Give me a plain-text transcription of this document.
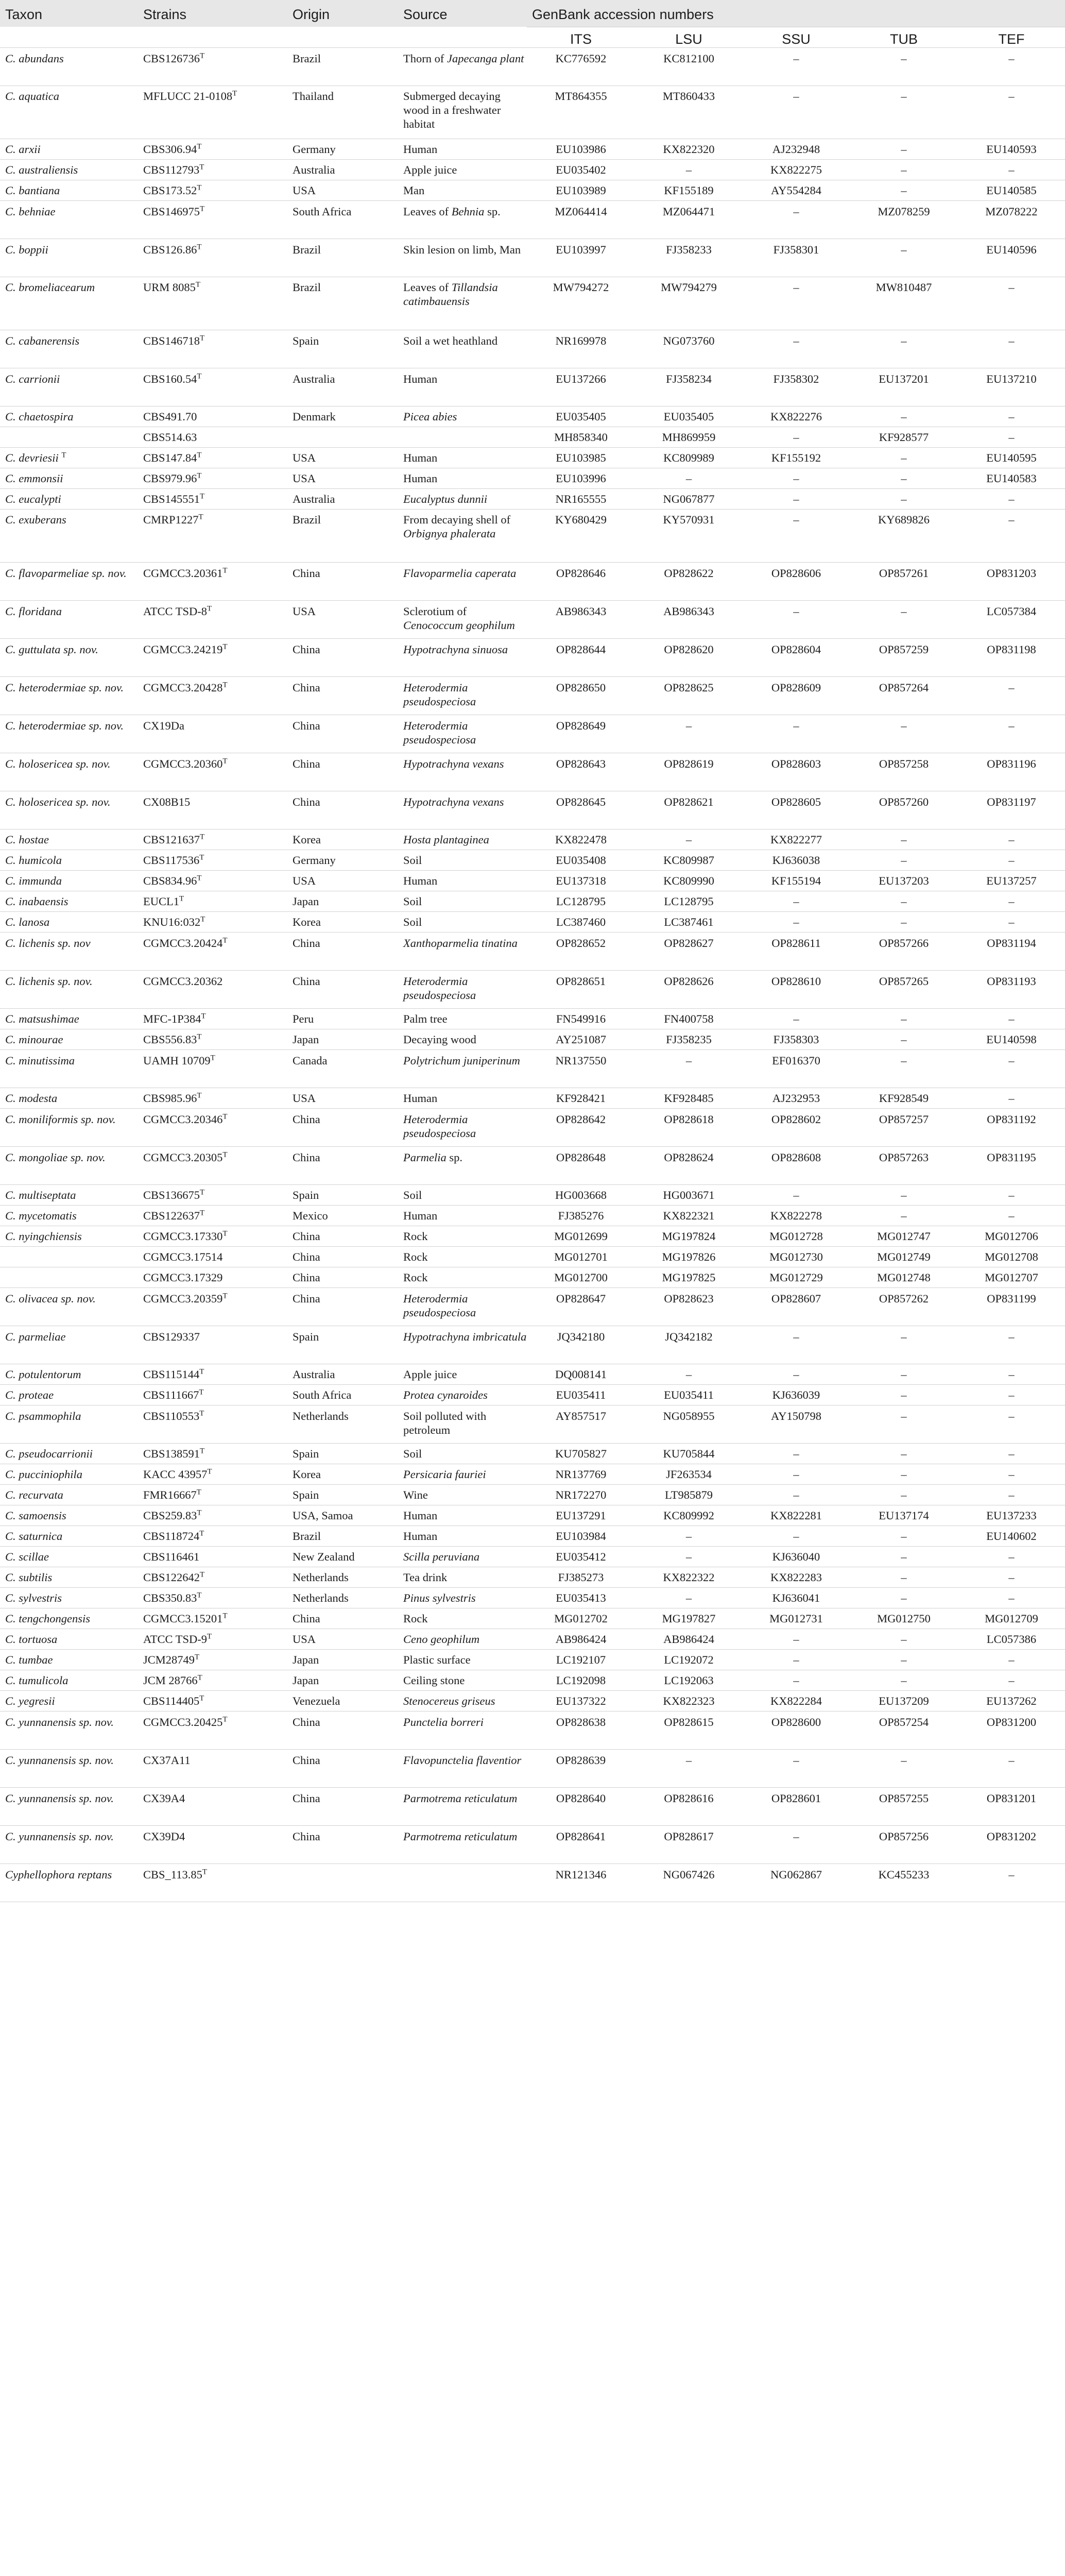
Taxon	Strains	Origin	Source	GenBank accession numbers				
				ITS	LSU	SSU	TUB	TEF
C. abundans	$CBS126736^T$	Brazil	Thorn of Japecanga plant	KC776592	KC812100	–	–	–
C. aquatica	MFLUCC $21-0108^T$	Thailand	Submerged decaying wood in a freshwater habitat	MT864355	MT860433	–	–	–
C. arxii	$CBS306.94^T$	Germany	Human	EU103986	KX822320	AJ232948	–	EU140593
C. australiensis	$CBS112793^T$	Australia	Apple juice	EU035402	–	KX822275	–	–
C. bantiana	$CBS173.52^T$	USA	Man	EU103989	KF155189	AY554284	–	EU140585
C. behniae	$CBS146975^T$	South Africa	Leaves of Behnia sp.	MZ064414	MZ064471	–	MZ078259	MZ078222
C. boppii	$CBS126.86^T$	Brazil	Skin lesion on limb, Man	EU103997	FJ358233	FJ358301	–	EU140596
C. bromeliacearum	URM $8085^T$	Brazil	Leaves of Tillandsia catimbauensis	MW794272	MW794279	–	MW810487	–
C. cabanerensis	$CBS146718^T$	Spain	Soil a wet heathland	NR169978	NG073760	–	–	–
C. carrionii	$CBS160.54^T$	Australia	Human	EU137266	FJ358234	FJ358302	EU137201	EU137210
C. chaetospira	CBS491.70	Denmark	Picea abies	EU035405	EU035405	KX822276	–	–
	CBS514.63			MH858340	MH869959	–	KF928577	–
C. devriesii $^T$	$CBS147.84^T$	USA	Human	EU103985	KC809989	KF155192	–	EU140595
C. emmonsii	$CBS979.96^T$	USA	Human	EU103996	–	–	–	EU140583
C. eucalypti	$CBS145551^T$	Australia	Eucalyptus dunnii	NR165555	NG067877	–	–	–
C. exuberans	$CMRP1227^T$	Brazil	From decaying shell of Orbignya phalerata	KY680429	KY570931	–	KY689826	–
C. flavoparmeliae sp. nov.	$CGMCC3.20361^T$	China	Flavoparmelia caperata	OP828646	OP828622	OP828606	OP857261	OP831203
C. floridana	ATCC TSD-$8^T$	USA	Sclerotium of Cenococcum geophilum	AB986343	AB986343	–	–	LC057384
C. guttulata sp. nov.	$CGMCC3.24219^T$	China	Hypotrachyna sinuosa	OP828644	OP828620	OP828604	OP857259	OP831198
C. heterodermiae sp. nov.	$CGMCC3.20428^T$	China	Heterodermia pseudospeciosa	OP828650	OP828625	OP828609	OP857264	–
C. heterodermiae sp. nov.	CX19Da	China	Heterodermia pseudospeciosa	OP828649	–	–	–	–
C. holosericea sp. nov.	$CGMCC3.20360^T$	China	Hypotrachyna vexans	OP828643	OP828619	OP828603	OP857258	OP831196
C. holosericea sp. nov.	CX08B15	China	Hypotrachyna vexans	OP828645	OP828621	OP828605	OP857260	OP831197
C. hostae	$CBS121637^T$	Korea	Hosta plantaginea	KX822478	–	KX822277	–	–
C. humicola	$CBS117536^T$	Germany	Soil	EU035408	KC809987	KJ636038	–	–
C. immunda	$CBS834.96^T$	USA	Human	EU137318	KC809990	KF155194	EU137203	EU137257
C. inabaensis	$EUCL1^T$	Japan	Soil	LC128795	LC128795	–	–	–
C. lanosa	$KNU16:032^T$	Korea	Soil	LC387460	LC387461	–	–	–
C. lichenis sp. nov	$CGMCC3.20424^T$	China	Xanthoparmelia tinatina	OP828652	OP828627	OP828611	OP857266	OP831194
C. lichenis sp. nov.	CGMCC3.20362	China	Heterodermia pseudospeciosa	OP828651	OP828626	OP828610	OP857265	OP831193
C. matsushimae	MFC-$1P384^T$	Peru	Palm tree	FN549916	FN400758	–	–	–
C. minourae	$CBS556.83^T$	Japan	Decaying wood	AY251087	FJ358235	FJ358303	–	EU140598
C. minutissima	UAMH $10709^T$	Canada	Polytrichum juniperinum	NR137550	–	EF016370	–	–
C. modesta	$CBS985.96^T$	USA	Human	KF928421	KF928485	AJ232953	KF928549	–
C. moniliformis sp. nov.	$CGMCC3.20346^T$	China	Heterodermia pseudospeciosa	OP828642	OP828618	OP828602	OP857257	OP831192
C. mongoliae sp. nov.	$CGMCC3.20305^T$	China	Parmelia sp.	OP828648	OP828624	OP828608	OP857263	OP831195
C. multiseptata	$CBS136675^T$	Spain	Soil	HG003668	HG003671	–	–	–
C. mycetomatis	$CBS122637^T$	Mexico	Human	FJ385276	KX822321	KX822278	–	–
C. nyingchiensis	$CGMCC3.17330^T$	China	Rock	MG012699	MG197824	MG012728	MG012747	MG012706
	CGMCC3.17514	China	Rock	MG012701	MG197826	MG012730	MG012749	MG012708
	CGMCC3.17329	China	Rock	MG012700	MG197825	MG012729	MG012748	MG012707
C. olivacea sp. nov.	$CGMCC3.20359^T$	China	Heterodermia pseudospeciosa	OP828647	OP828623	OP828607	OP857262	OP831199
C. parmeliae	CBS129337	Spain	Hypotrachyna imbricatula	JQ342180	JQ342182	–	–	–
C. potulentorum	$CBS115144^T$	Australia	Apple juice	DQ008141	–	–	–	–
C. proteae	$CBS111667^T$	South Africa	Protea cynaroides	EU035411	EU035411	KJ636039	–	–
C. psammophila	$CBS110553^T$	Netherlands	Soil polluted with petroleum	AY857517	NG058955	AY150798	–	–
C. pseudocarrionii	$CBS138591^T$	Spain	Soil	KU705827	KU705844	–	–	–
C. pucciniophila	KACC $43957^T$	Korea	Persicaria fauriei	NR137769	JF263534	–	–	–
C. recurvata	$FMR16667^T$	Spain	Wine	NR172270	LT985879	–	–	–
C. samoensis	$CBS259.83^T$	USA, Samoa	Human	EU137291	KC809992	KX822281	EU137174	EU137233
C. saturnica	$CBS118724^T$	Brazil	Human	EU103984	–	–	–	EU140602
C. scillae	CBS116461	New Zealand	Scilla peruviana	EU035412	–	KJ636040	–	–
C. subtilis	$CBS122642^T$	Netherlands	Tea drink	FJ385273	KX822322	KX822283	–	–
C. sylvestris	$CBS350.83^T$	Netherlands	Pinus sylvestris	EU035413	–	KJ636041	–	–
C. tengchongensis	$CGMCC3.15201^T$	China	Rock	MG012702	MG197827	MG012731	MG012750	MG012709
C. tortuosa	ATCC TSD-$9^T$	USA	Ceno geophilum	AB986424	AB986424	–	–	LC057386
C. tumbae	$JCM28749^T$	Japan	Plastic surface	LC192107	LC192072	–	–	–
C. tumulicola	JCM $28766^T$	Japan	Ceiling stone	LC192098	LC192063	–	–	–
C. yegresii	$CBS114405^T$	Venezuela	Stenocereus griseus	EU137322	KX822323	KX822284	EU137209	EU137262
C. yunnanensis sp. nov.	$CGMCC3.20425^T$	China	Punctelia borreri	OP828638	OP828615	OP828600	OP857254	OP831200
C. yunnanensis sp. nov.	CX37A11	China	Flavopunctelia flaventior	OP828639	–	–	–	–
C. yunnanensis sp. nov.	CX39A4	China	Parmotrema reticulatum	OP828640	OP828616	OP828601	OP857255	OP831201
C. yunnanensis sp. nov.	CX39D4	China	Parmotrema reticulatum	OP828641	OP828617	–	OP857256	OP831202
Cyphellophora reptans	$CBS\_113.85^T$			NR121346	NG067426	NG062867	KC455233	–
